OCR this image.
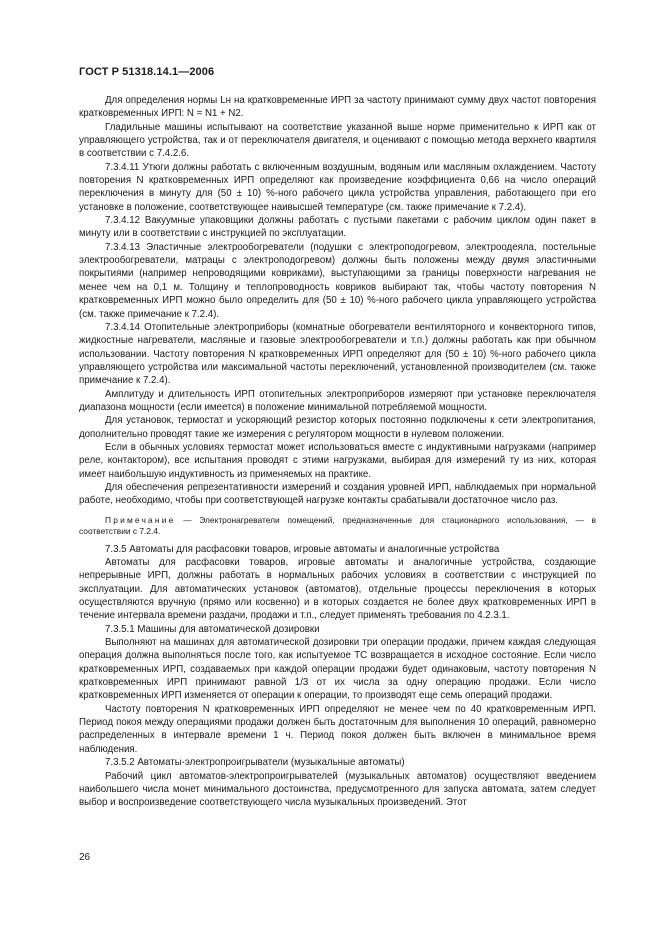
ГОСТ Р 51318.14.1—2006

Для определения нормы Lн на кратковременные ИРП за частоту принимают сумму двух частот повторения кратковременных ИРП: N = N1 + N2.

Гладильные машины испытывают на соответствие указанной выше норме применительно к ИРП как от управляющего устройства, так и от переключателя двигателя, и оценивают с помощью метода верхнего квартиля в соответствии с 7.4.2.6.

7.3.4.11 Утюги должны работать с включенным воздушным, водяным или масляным охлаждением. Частоту повторения N кратковременных ИРП определяют как произведение коэффициента 0,66 на число операций переключения в минуту для (50 ± 10) %-ного рабочего цикла устройства управления, работающего при его установке в положение, соответствующее наивысшей температуре (см. также примечание к 7.2.4).

7.3.4.12 Вакуумные упаковщики должны работать с пустыми пакетами с рабочим циклом один пакет в минуту или в соответствии с инструкцией по эксплуатации.

7.3.4.13 Эластичные электрообогреватели (подушки с электроподогревом, электроодеяла, постельные электрообогреватели, матрацы с электроподогревом) должны быть положены между двумя эластичными покрытиями (например непроводящими ковриками), выступающими за границы поверхности нагревания не менее чем на 0,1 м. Толщину и теплопроводность ковриков выбирают так, чтобы частоту повторения N кратковременных ИРП можно было определить для (50 ± 10) %-ного рабочего цикла управляющего устройства (см. также примечание к 7.2.4).

7.3.4.14 Отопительные электроприборы (комнатные обогреватели вентиляторного и конвекторного типов, жидкостные нагреватели, масляные и газовые электрообогреватели и т.п.) должны работать как при обычном использовании. Частоту повторения N кратковременных ИРП определяют для (50 ± 10) %-ного рабочего цикла управляющего устройства или максимальной частоты переключений, установленной производителем (см. также примечание к 7.2.4).

Амплитуду и длительность ИРП отопительных электроприборов измеряют при установке переключателя диапазона мощности (если имеется) в положение минимальной потребляемой мощности.

Для установок, термостат и ускоряющий резистор которых постоянно подключены к сети электропитания, дополнительно проводят такие же измерения с регулятором мощности в нулевом положении.

Если в обычных условиях термостат может использоваться вместе с индуктивными нагрузками (например реле, контактором), все испытания проводят с этими нагрузками, выбирая для измерений ту из них, которая имеет наибольшую индуктивность из применяемых на практике.

Для обеспечения репрезентативности измерений и создания уровней ИРП, наблюдаемых при нормальной работе, необходимо, чтобы при соответствующей нагрузке контакты срабатывали достаточное число раз.

Примечание — Электронагреватели помещений, предназначенные для стационарного использования, — в соответствии с 7.2.4.

7.3.5 Автоматы для расфасовки товаров, игровые автоматы и аналогичные устройства

Автоматы для расфасовки товаров, игровые автоматы и аналогичные устройства, создающие непрерывные ИРП, должны работать в нормальных рабочих условиях в соответствии с инструкцией по эксплуатации. Для автоматических установок (автоматов), отдельные процессы переключения в которых осуществляются вручную (прямо или косвенно) и в которых создается не более двух кратковременных ИРП в течение интервала времени раздачи, продажи и т.п., следует применять требования по 4.2.3.1.

7.3.5.1 Машины для автоматической дозировки

Выполняют на машинах для автоматической дозировки три операции продажи, причем каждая следующая операция должна выполняться после того, как испытуемое ТС возвращается в исходное состояние. Если число кратковременных ИРП, создаваемых при каждой операции продажи будет одинаковым, частоту повторения N кратковременных ИРП принимают равной 1/3 от их числа за одну операцию продажи. Если число кратковременных ИРП изменяется от операции к операции, то производят еще семь операций продажи.

Частоту повторения N кратковременных ИРП определяют не менее чем по 40 кратковременным ИРП. Период покоя между операциями продажи должен быть достаточным для выполнения 10 операций, равномерно распределенных в интервале времени 1 ч. Период покоя должен быть включен в минимальное время наблюдения.

7.3.5.2 Автоматы-электропроигрыватели (музыкальные автоматы)

Рабочий цикл автоматов-электропроигрывателей (музыкальных автоматов) осуществляют введением наибольшего числа монет минимального достоинства, предусмотренного для запуска автомата, затем следует выбор и воспроизведение соответствующего числа музыкальных произведений. Этот

26
